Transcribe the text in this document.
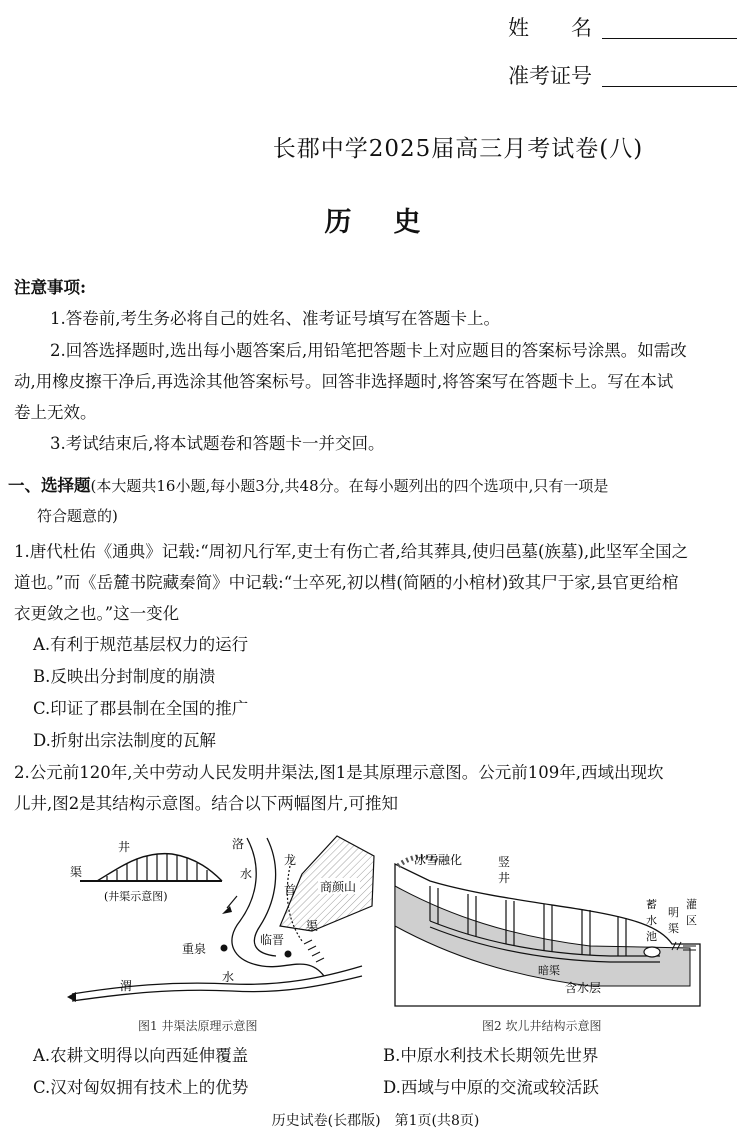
姓　　名
准考证号
长郡中学2025届高三月考试卷(八)
历史
注意事项:
1.答卷前,考生务必将自己的姓名、准考证号填写在答题卡上。
2.回答选择题时,选出每小题答案后,用铅笔把答题卡上对应题目的答案标号涂黑。如需改
动,用橡皮擦干净后,再选涂其他答案标号。回答非选择题时,将答案写在答题卡上。写在本试
卷上无效。
3.考试结束后,将本试题卷和答题卡一并交回。
一、选择题(本大题共16小题,每小题3分,共48分。在每小题列出的四个选项中,只有一项是
符合题意的)
1.唐代杜佑《通典》记载:“周初凡行军,吏士有伤亡者,给其葬具,使归邑墓(族墓),此坚军全国之
道也。”而《岳麓书院藏秦简》中记载:“士卒死,初以槥(简陋的小棺材)致其尸于家,县官更给棺
衣更敛之也。”这一变化
A.有利于规范基层权力的运行
B.反映出分封制度的崩溃
C.印证了郡县制在全国的推广
D.折射出宗法制度的瓦解
2.公元前120年,关中劳动人民发明井渠法,图1是其原理示意图。公元前109年,西域出现坎
儿井,图2是其结构示意图。结合以下两幅图片,可推知
井
渠
(井渠示意图)
洛
水
商颜山
龙
首
渠
重泉
临晋
渭
水
图1 井渠法原理示意图
冰雪融化
暗渠
含水层
竖
井
蓄
水
池
明
渠
灌
区
图2 坎儿井结构示意图
A.农耕文明得以向西延伸覆盖	B.中原水利技术长期领先世界
C.汉对匈奴拥有技术上的优势	D.西域与中原的交流或较活跃
历史试卷(长郡版)　第1页(共8页)
